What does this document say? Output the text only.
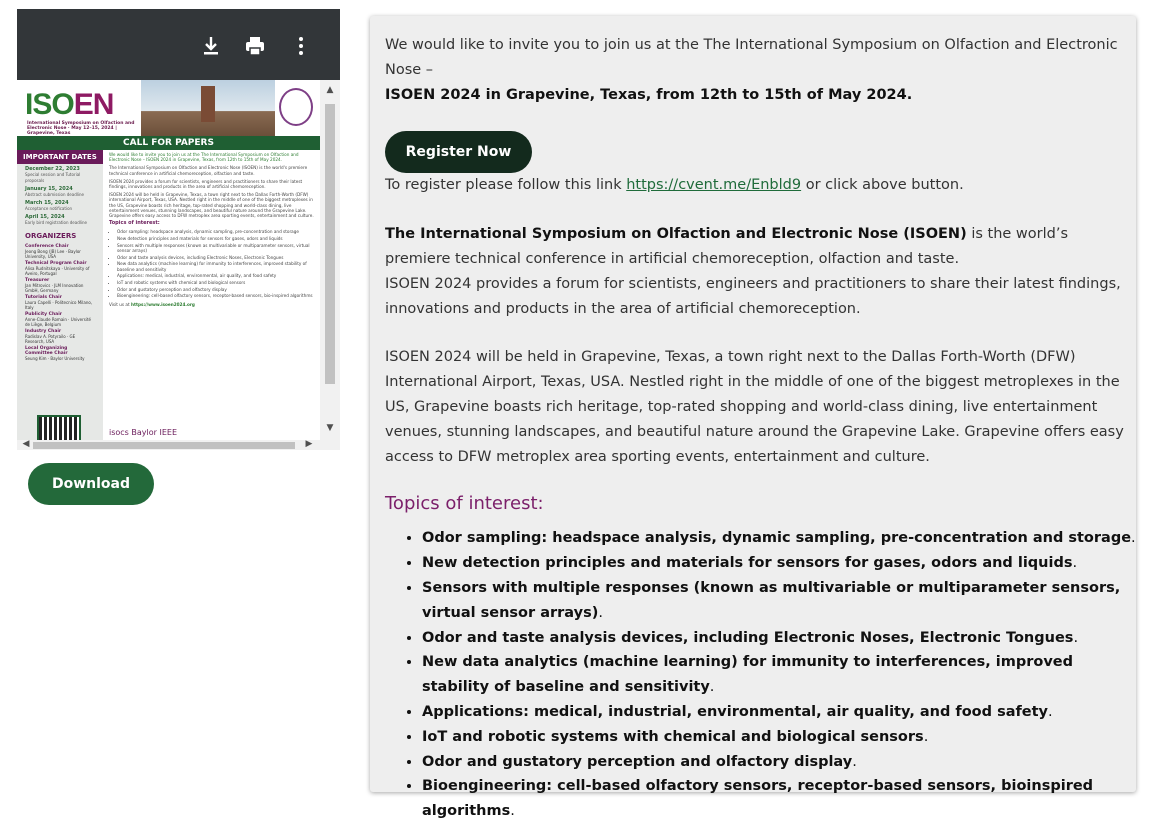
ISOEN
International Symposium on Olfaction and Electronic Nose · May 12–15, 2024 | Grapevine, Texas
CALL FOR PAPERS
IMPORTANT DATES
December 22, 2023
Special session and Tutorial proposals
January 15, 2024
Abstract submission deadline
March 15, 2024
Acceptance notification
April 15, 2024
Early bird registration deadline
ORGANIZERS
Conference Chair
Jeong Bong (JB) Lee · Baylor University, USA
Technical Program Chair
Alisa Rudnitskaya · University of Aveiro, Portugal
Treasurer
Jan Mitrovics · JLM Innovation GmbH, Germany
Tutorials Chair
Laura Capelli · Politecnico Milano, Italy
Publicity Chair
Anne-Claude Romain · Université de Liège, Belgium
Industry Chair
Radislav A. Potyrailo · GE Research, USA
Local Organizing Committee Chair
Seung Kim · Baylor University

We would like to invite you to join us at the The International Symposium on Olfaction and Electronic Nose – ISOEN 2024 in Grapevine, Texas, from 12th to 15th of May 2024.

The International Symposium on Olfaction and Electronic Nose (ISOEN) is the world's premiere technical conference in artificial chemoreception, olfaction and taste.

ISOEN 2024 provides a forum for scientists, engineers and practitioners to share their latest findings, innovations and products in the area of artificial chemoreception.

ISOEN 2024 will be held in Grapevine, Texas, a town right next to the Dallas Forth-Worth (DFW) international Airport, Texas, USA. Nestled right in the middle of one of the biggest metroplexes in the US, Grapevine boasts rich heritage, top-rated shopping and world-class dining, live entertainment venues, stunning landscapes, and beautiful nature around the Grapevine Lake. Grapevine offers easy access to DFW metroplex area sporting events, entertainment and culture.

Topics of interest:

• Odor sampling: headspace analysis, dynamic sampling, pre-concentration and storage
• New detection principles and materials for sensors for gases, odors and liquids
• Sensors with multiple responses (known as multivariable or multiparameter sensors, virtual sensor arrays)
• Odor and taste analysis devices, including Electronic Noses, Electronic Tongues
• New data analytics (machine learning) for immunity to interferences, improved stability of baseline and sensitivity
• Applications: medical, industrial, environmental, air quality, and food safety
• IoT and robotic systems with chemical and biological sensors
• Odor and gustatory perception and olfactory display
• Bioengineering: cell-based olfactory sensors, receptor-based sensors, bio-inspired algorithms

Visit us at https://www.isoen2024.org

isocs Baylor IEEE
▲
▼
◀	▶
Download

We would like to invite you to join us at the The International Symposium on Olfaction and Electronic Nose –
ISOEN 2024 in Grapevine, Texas, from 12th to 15th of May 2024.

Register Now

To register please follow this link https://cvent.me/Enbld9 or click above button.

The International Symposium on Olfaction and Electronic Nose (ISOEN) is the world’s premiere technical conference in artificial chemoreception, olfaction and taste.

ISOEN 2024 provides a forum for scientists, engineers and practitioners to share their latest findings, innovations and products in the area of artificial chemoreception.

ISOEN 2024 will be held in Grapevine, Texas, a town right next to the Dallas Forth-Worth (DFW) International Airport, Texas, USA. Nestled right in the middle of one of the biggest metroplexes in the US, Grapevine boasts rich heritage, top-rated shopping and world-class dining, live entertainment venues, stunning landscapes, and beautiful nature around the Grapevine Lake. Grapevine offers easy access to DFW metroplex area sporting events, entertainment and culture.

Topics of interest:
• Odor sampling: headspace analysis, dynamic sampling, pre-concentration and storage.
• New detection principles and materials for sensors for gases, odors and liquids.
• Sensors with multiple responses (known as multivariable or multiparameter sensors, virtual sensor arrays).
• Odor and taste analysis devices, including Electronic Noses, Electronic Tongues.
• New data analytics (machine learning) for immunity to interferences, improved stability of baseline and sensitivity.
• Applications: medical, industrial, environmental, air quality, and food safety.
• IoT and robotic systems with chemical and biological sensors.
• Odor and gustatory perception and olfactory display.
• Bioengineering: cell-based olfactory sensors, receptor-based sensors, bioinspired algorithms.
